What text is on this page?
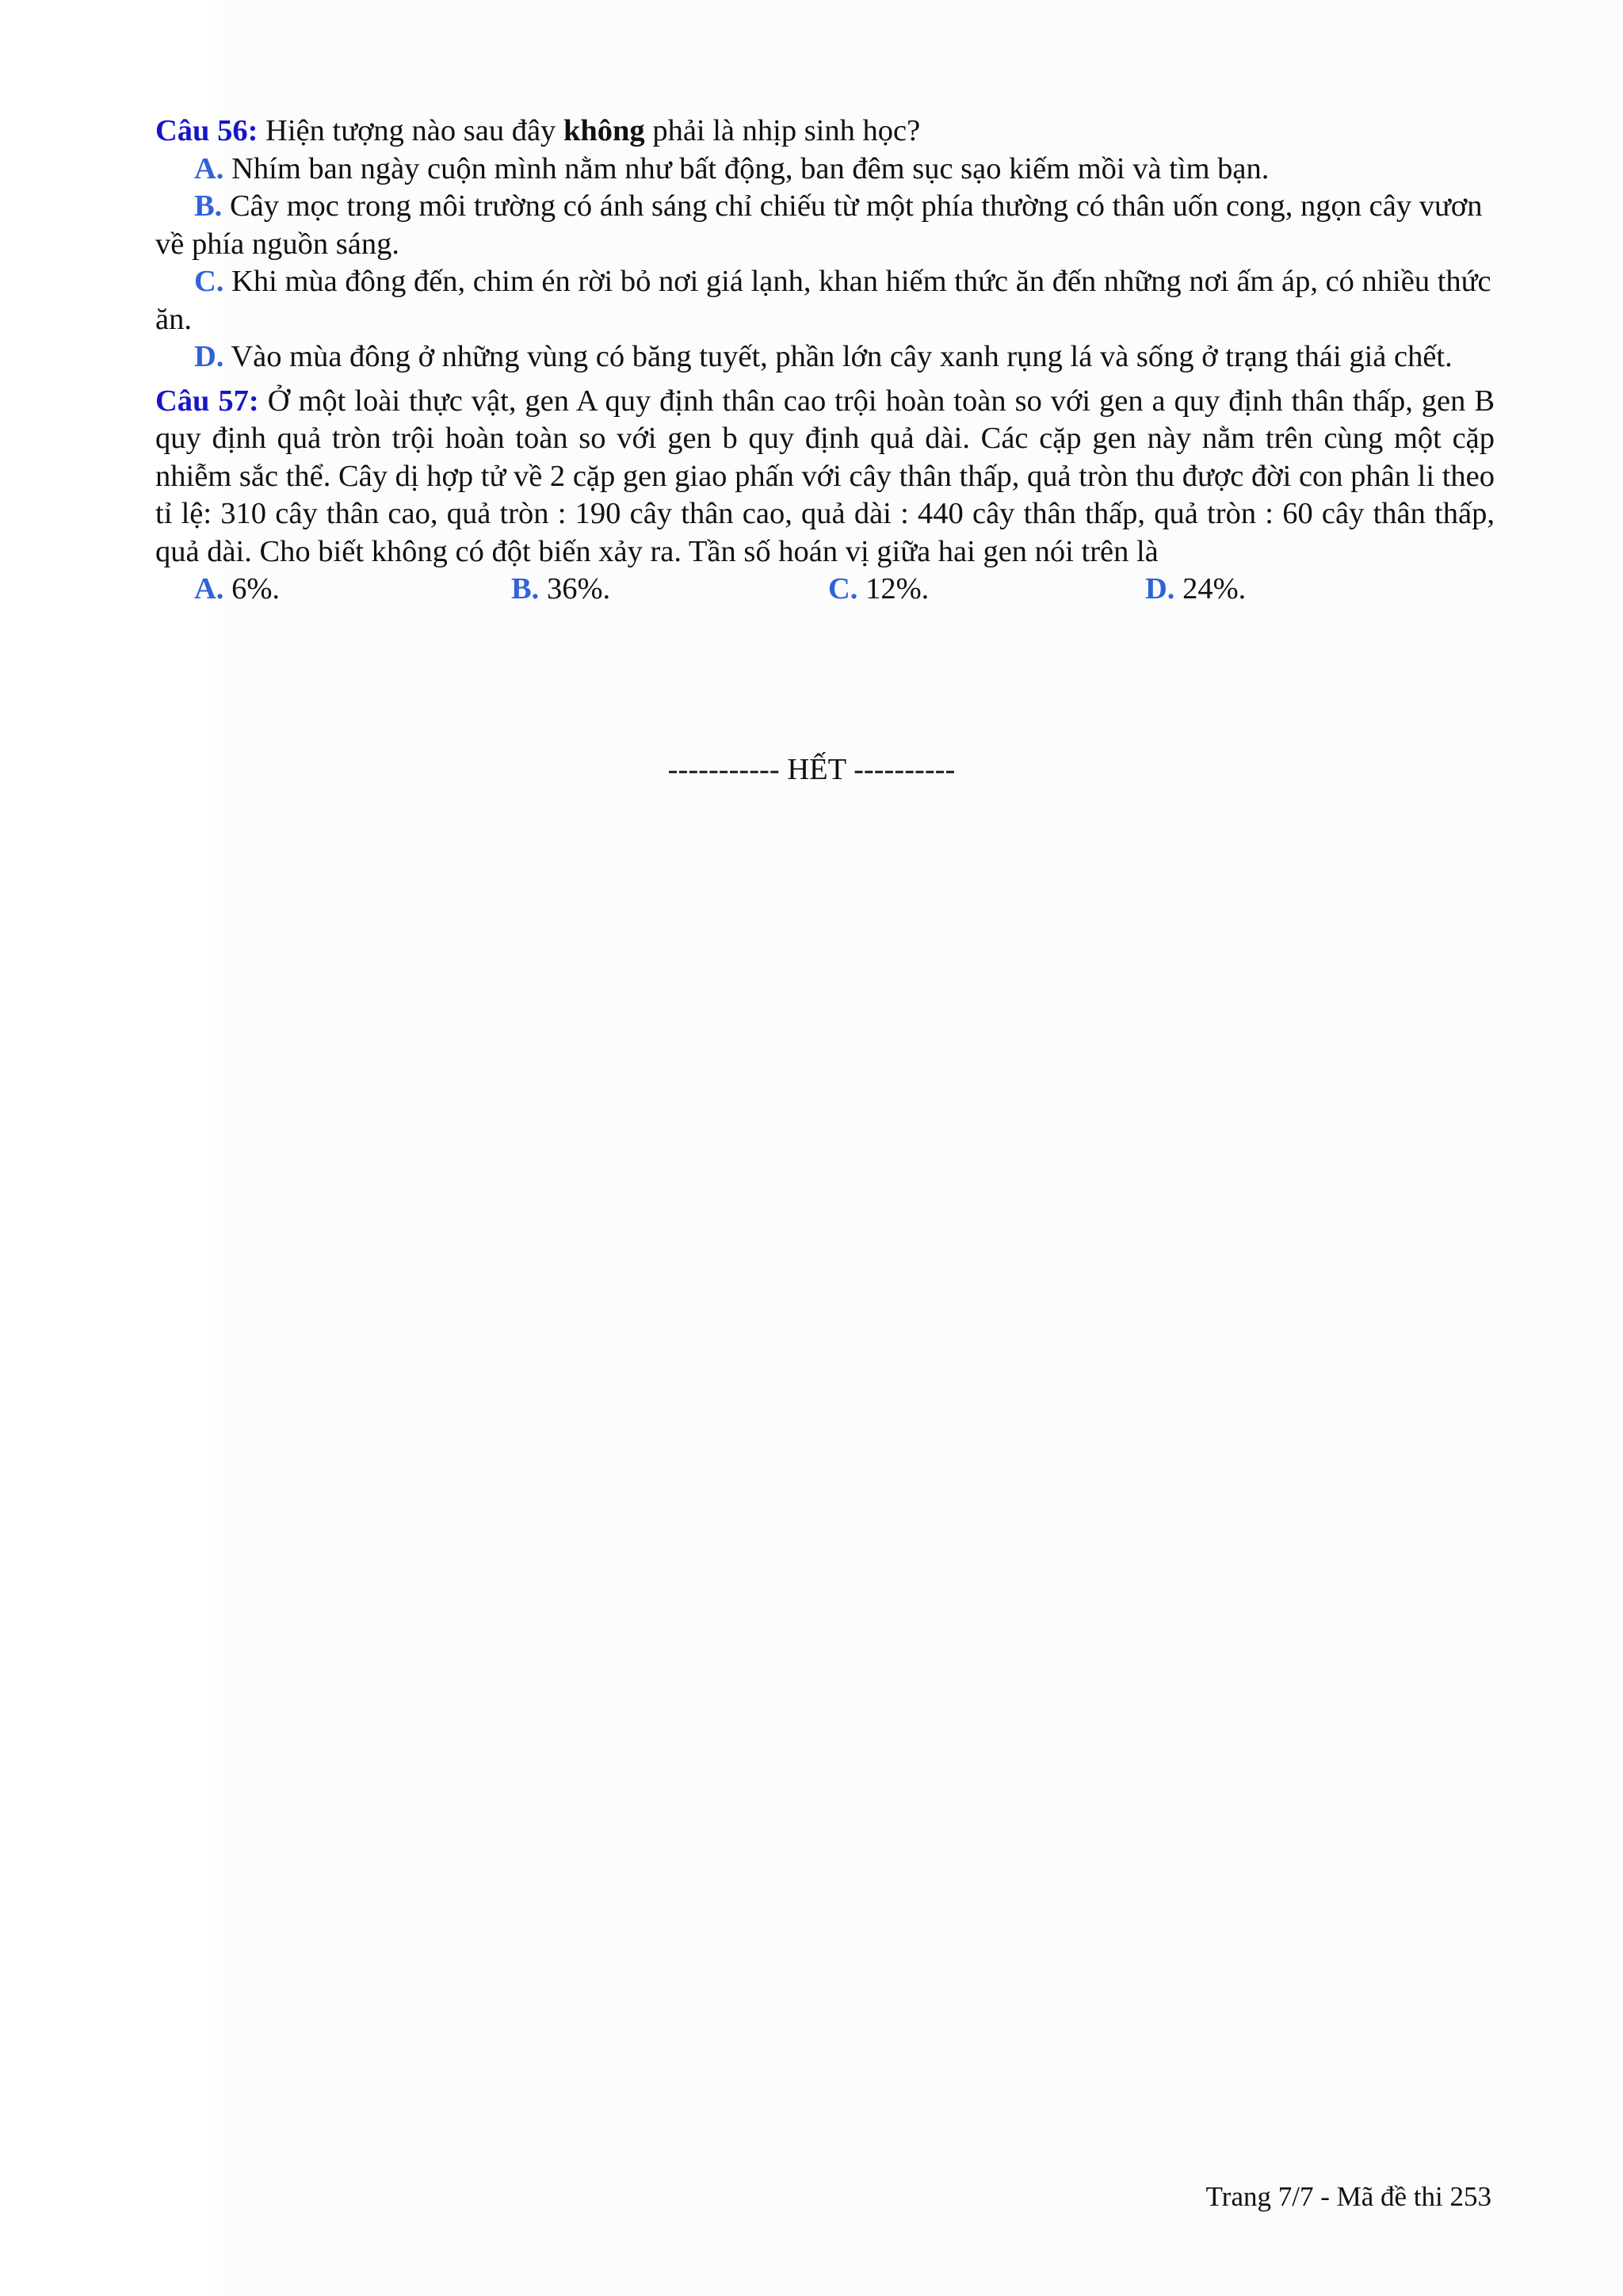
Câu 56: Hiện tượng nào sau đây không phải là nhịp sinh học?

A. Nhím ban ngày cuộn mình nằm như bất động, ban đêm sục sạo kiếm mồi và tìm bạn.

B. Cây mọc trong môi trường có ánh sáng chỉ chiếu từ một phía thường có thân uốn cong, ngọn cây vươn về phía nguồn sáng.

C. Khi mùa đông đến, chim én rời bỏ nơi giá lạnh, khan hiếm thức ăn đến những nơi ấm áp, có nhiều thức ăn.

D. Vào mùa đông ở những vùng có băng tuyết, phần lớn cây xanh rụng lá và sống ở trạng thái giả chết.

Câu 57: Ở một loài thực vật, gen A quy định thân cao trội hoàn toàn so với gen a quy định thân thấp, gen B quy định quả tròn trội hoàn toàn so với gen b quy định quả dài. Các cặp gen này nằm trên cùng một cặp nhiễm sắc thể. Cây dị hợp tử về 2 cặp gen giao phấn với cây thân thấp, quả tròn thu được đời con phân li theo tỉ lệ: 310 cây thân cao, quả tròn : 190 cây thân cao, quả dài : 440 cây thân thấp, quả tròn : 60 cây thân thấp, quả dài. Cho biết không có đột biến xảy ra. Tần số hoán vị giữa hai gen nói trên là

A. 6%.	B. 36%.	C. 12%.	D. 24%.
----------- HẾT ----------
Trang 7/7 - Mã đề thi 253
